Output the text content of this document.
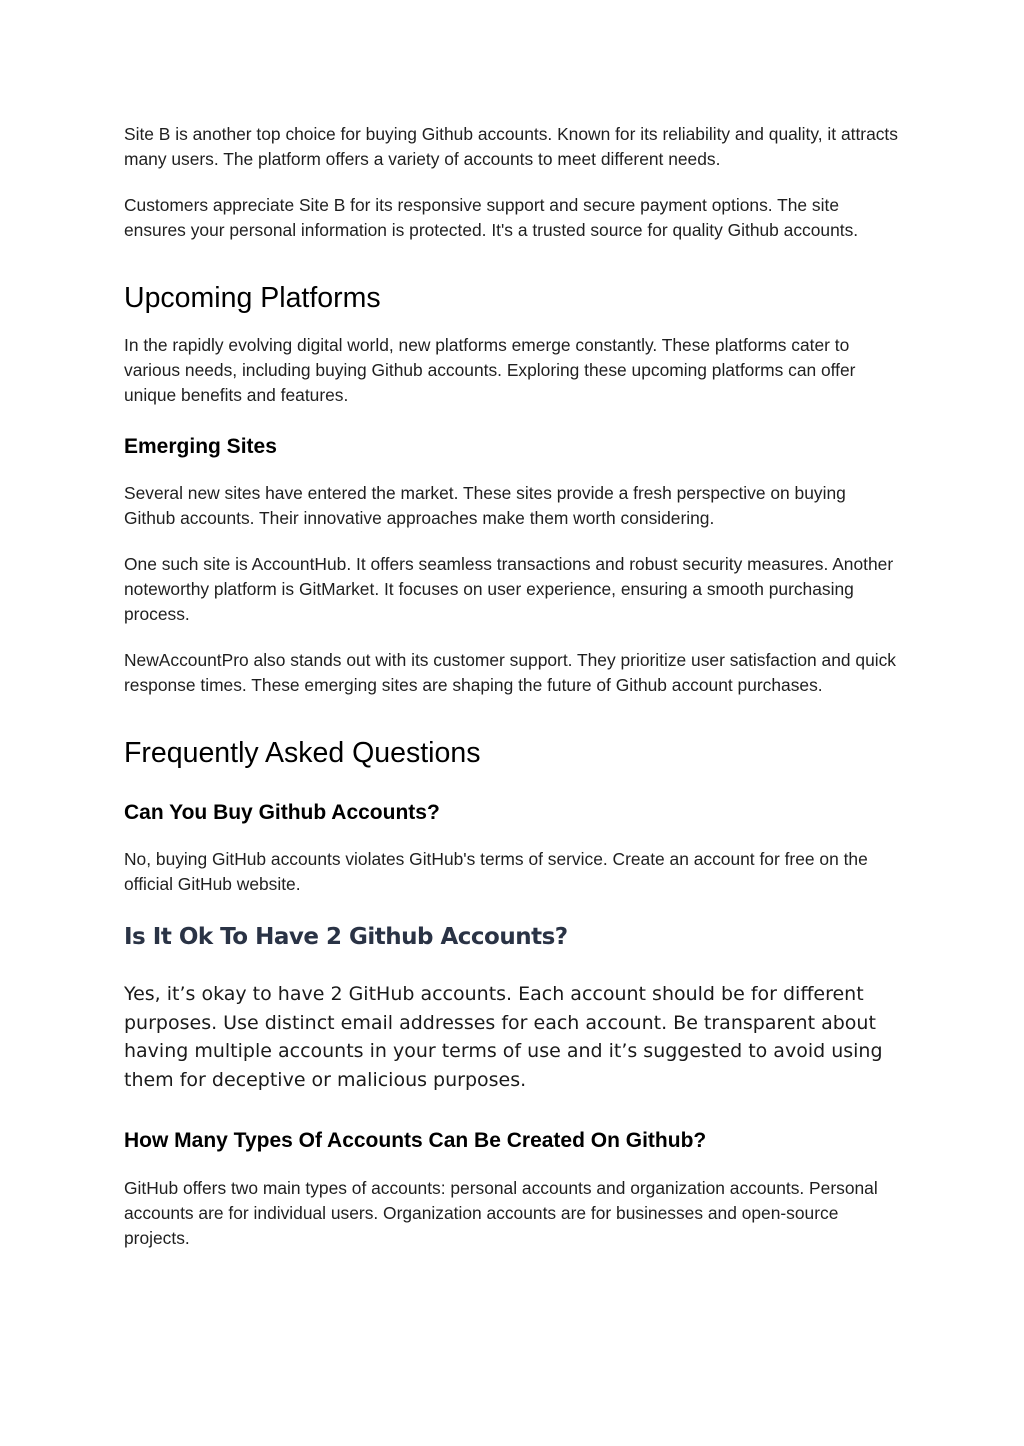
Site B is another top choice for buying Github accounts. Known for its reliability and quality, it attracts many users. The platform offers a variety of accounts to meet different needs.

Customers appreciate Site B for its responsive support and secure payment options. The site ensures your personal information is protected. It's a trusted source for quality Github accounts.

Upcoming Platforms

In the rapidly evolving digital world, new platforms emerge constantly. These platforms cater to various needs, including buying Github accounts. Exploring these upcoming platforms can offer unique benefits and features.

Emerging Sites

Several new sites have entered the market. These sites provide a fresh perspective on buying Github accounts. Their innovative approaches make them worth considering.

One such site is AccountHub. It offers seamless transactions and robust security measures. Another noteworthy platform is GitMarket. It focuses on user experience, ensuring a smooth purchasing process.

NewAccountPro also stands out with its customer support. They prioritize user satisfaction and quick response times. These emerging sites are shaping the future of Github account purchases.

Frequently Asked Questions
Can You Buy Github Accounts?

No, buying GitHub accounts violates GitHub's terms of service. Create an account for free on the official GitHub website.

Is It Ok To Have 2 Github Accounts?

Yes, it’s okay to have 2 GitHub accounts. Each account should be for different purposes. Use distinct email addresses for each account. Be transparent about having multiple accounts in your terms of use and it’s suggested to avoid using them for deceptive or malicious purposes.

How Many Types Of Accounts Can Be Created On Github?

GitHub offers two main types of accounts: personal accounts and organization accounts. Personal accounts are for individual users. Organization accounts are for businesses and open-source projects.
